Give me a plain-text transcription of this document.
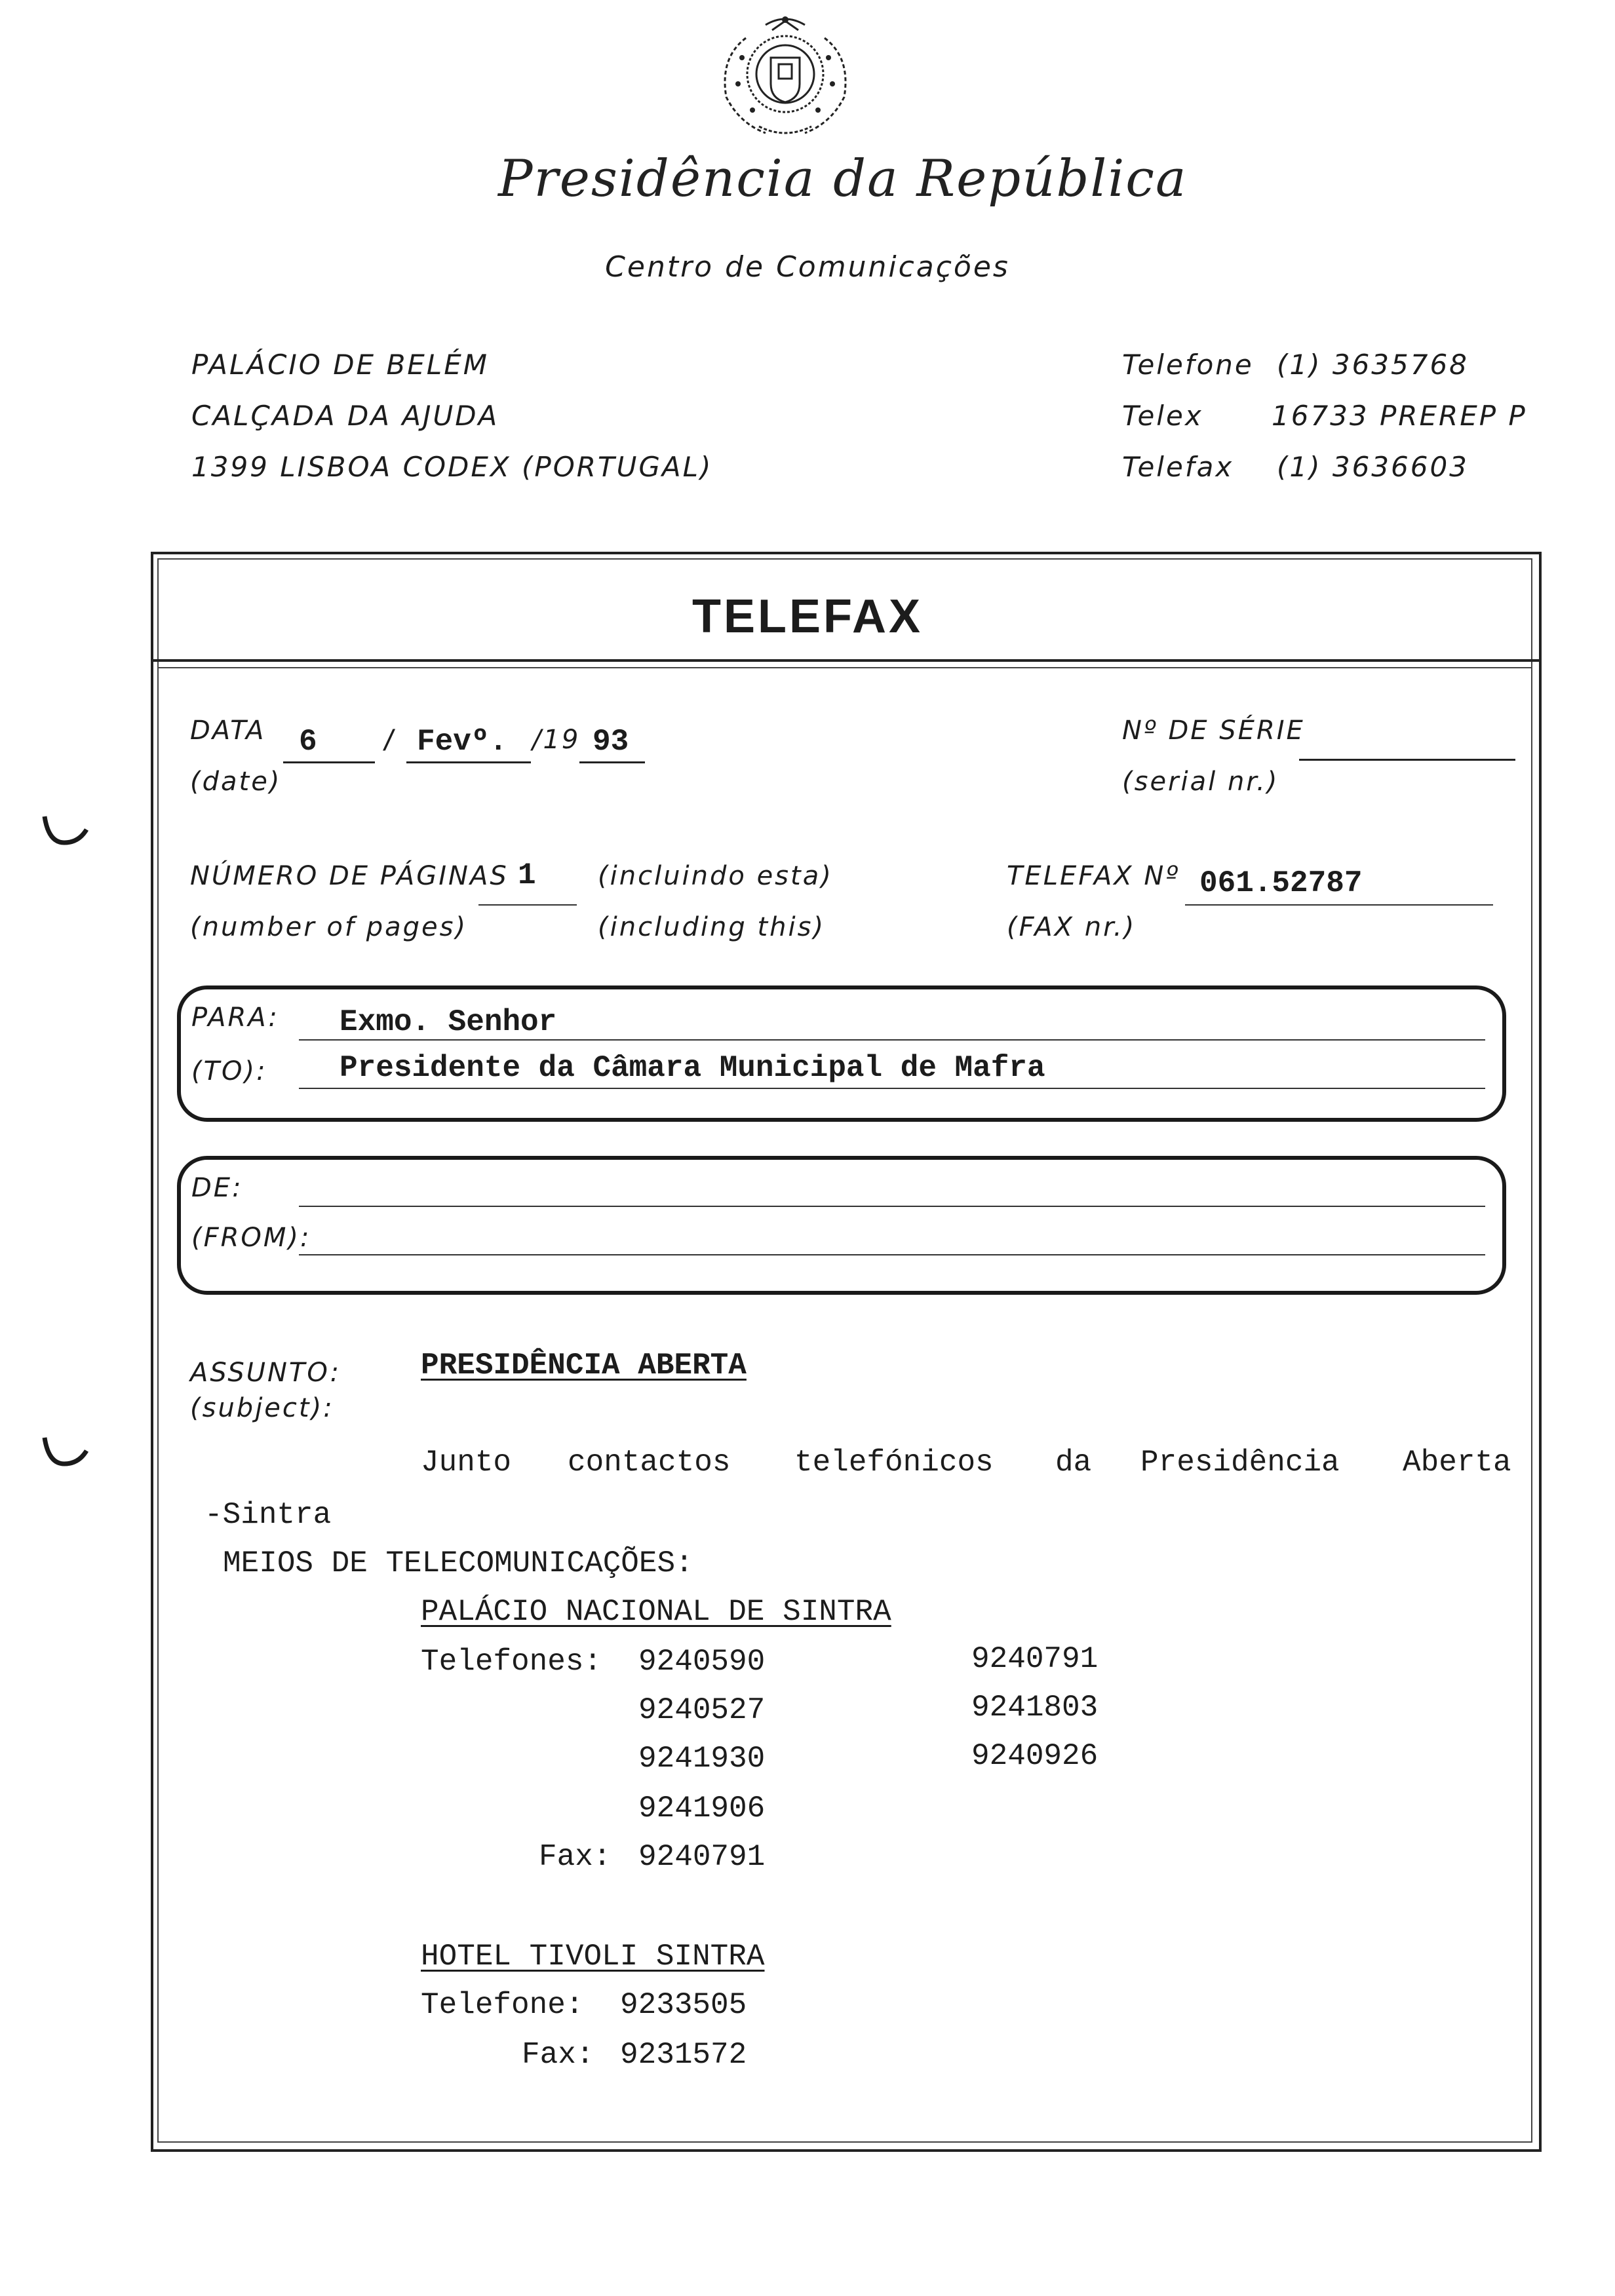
Presidência da República
Centro de Comunicações
PALÁCIO DE BELÉM
CALÇADA DA AJUDA
1399 LISBOA CODEX (PORTUGAL)
Telefone (1) 3635768
Telex 16733 PREREP P
Telefax (1) 3636603
TELEFAX
DATA
(date)
6 / Fevº. /19 93	Nº DE SÉRIE
(serial nr.)
NÚMERO DE PÁGINAS
(number of pages)
1 (incluindo esta)
(including this)
TELEFAX Nº
(FAX nr.)
061.52787
PARA:
(TO):
Exmo. Senhor
Presidente da Câmara Municipal de Mafra
DE:
(FROM):
ASSUNTO:
(subject):
PRESIDÊNCIA ABERTA
Junto contactos telefónicos da Presidência Aberta
-Sintra
MEIOS DE TELECOMUNICAÇÕES:
PALÁCIO NACIONAL DE SINTRA
Telefones: 9240590
9240527
9241930
9241906
9240791
9241803
9240926
Fax: 9240791
HOTEL TIVOLI SINTRA
Telefone: 9233505
Fax: 9231572
